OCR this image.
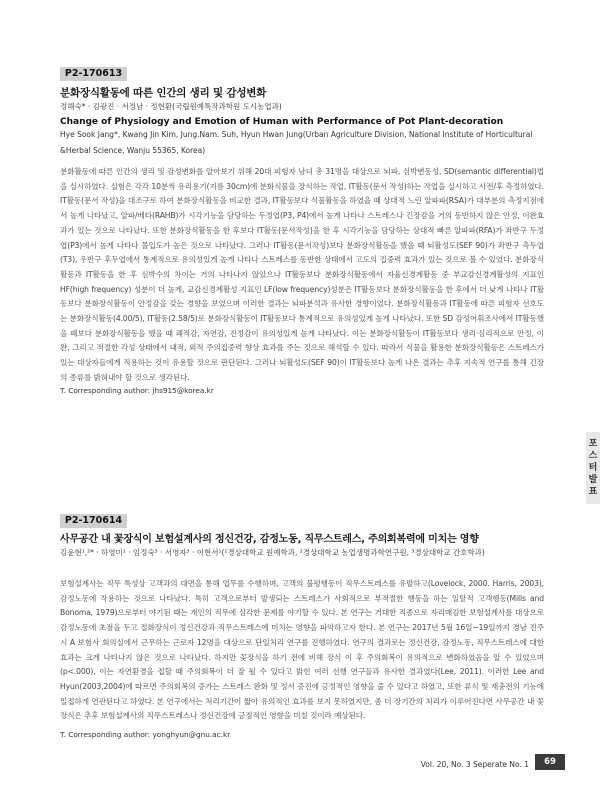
P2-170613
분화장식활동에 따른 인간의 생리 및 감성변화
정해숙* · 김광진 · 서정남 · 정현환(국립원예특작과학원 도시농업과)
Change of Physiology and Emotion of Human with Performance of Pot Plant-decoration
Hye Sook Jang*, Kwang Jin Kim, Jung.Nam. Suh, Hyun Hwan Jung(Urban Agriculture Division, National Institute of Horticultural &Herbal Science, Wanju 55365, Korea)
분화활동에 따른 인간의 생리 및 감성변화를 알아보기 위해 20대 피험자 남녀 총 31명을 대상으로 뇌파, 심박변동성, SD(semantic differential)법을 실시하였다. 실험은 각각 10분씩 유리용기(지름 30cm)에 분화식물을 장식하는 작업, IT활동(문서 작성)하는 작업을 실시하고 사전/후 측정하였다. IT활동(문서 작성)을 대조구로 하여 분화장식활동을 비교한 결과, IT활동보다 식물활동을 하였을 때 상대적 느린 알파파(RSA)가 대부분의 측정지점에서 높게 나타났고, 알파/베타(RAHB)가 시각기능을 담당하는 두정엽(P3, P4)에서 높게 나타나 스트레스나 긴장감을 거의 동반하지 않은 안정, 이완효과가 있는 것으로 나타났다. 또한 분화장식활동을 한 후보다 IT활동(문서작성)을 한 후 시각기능을 담당하는 상대적 빠른 알파파(RFA)가 좌반구 두정엽(P3)에서 높게 나타나 몰입도가 높은 것으로 나타났다. 그러나 IT활동(문서작성)보다 분화장식활동을 했을 때 뇌활성도(SEF 90)가 좌반구 측두엽(T3), 우반구 후두엽에서 통계적으로 유의성있게 높게 나타나 스트레스를 동반한 상태에서 고도의 집중력 효과가 있는 것으로 볼 수 있었다. 분화장식활동과 IT활동을 한 후 심박수의 차이는 거의 나타나지 않았으나 IT활동보다 분화장식활동에서 자율신경계활동 중 부교감신경계활성의 지표인 HF(high frequency) 성분이 더 높게, 교감신경계활성 지표인 LF(low frequency)성분은 IT활동보다 분화장식활동을 한 후에서 더 낮게 나타나 IT활동보다 분화장식활동이 안정감을 갖는 경향을 보였으며 이러한 결과는 뇌파분석과 유사한 경향이었다. 분화장식활동과 IT활동에 따른 피험자 선호도는 분화장식활동(4.00/5), IT활동(2.58/5)로 분화장식활동이 IT활동보다 통계적으로 유의성있게 높게 나타났다. 또한 SD 감성어휘조사에서 IT활동했을 때보다 분화장식활동을 했을 때 쾌적감, 자연감, 진정감이 유의성있게 높게 나타났다. 이는 분화장식활동이 IT활동보다 생리·심리적으로 안정, 이완, 그리고 적절한 각성 상태에서 내적, 외적 주의집중력 향상 효과를 주는 것으로 해석할 수 있다. 따라서 식물을 활용한 분화장식활동은 스트레스가 있는 대상자들에게 적용하는 것이 유용할 것으로 판단된다. 그러나 뇌활성도(SEF 90)이 IT활동보다 높게 나온 결과는 추후 지속적 연구를 통해 긴장의 종류를 밝혀내야 할 것으로 생각된다.
T. Corresponding author: jhs915@korea.kr
포
스
터
발
표
P2-170614
사무공간 내 꽃장식이 보험설계사의 정신건강, 감정노동, 직무스트레스, 주의회복력에 미치는 영향
김윤현¹,²* · 하영미¹ · 임정숙³ · 서영자³ · 이현서¹(¹경상대학교 원예학과, ²경상대학교 농업생명과학연구원, ³경상대학교 간호학과)
보험설계사는 직무 특성상 고객과의 대면을 통해 업무를 수행하며, 고객의 불평행동이 직무스트레스를 유발하고(Lovelock, 2000. Harris, 2003), 감정노동에 작용하는 것으로 나타났다. 특히 고객으로부터 발생되는 스트레스가 사회적으로 부적절한 행동을 하는 일탈적 고객행동(Mills and Bonoma, 1979)으로부터 야기된 때는 개인의 직무에 심각한 문제를 야기할 수 있다. 본 연구는 거대한 직종으로 자리매김한 보험설계사를 대상으로 감정노동에 초점을 두고 절화장식이 정신건강과 직무스트레스에 미치는 영향을 파악하고자 한다. 본 연구는 2017년 5월 16일~19일까지 경남 진주시 A 보험사 회의실에서 근무하는 근로자 12명을 대상으로 단일처리 연구를 진행하였다. 연구의 결과로는 정신건강, 감정노동, 직무스트레스에 대한 효과는 크게 나타나지 않은 것으로 나타났다. 하지만 꽃장식을 하기 전에 비해 장식 이 후 주의회복이 유의적으로 변화하였음을 알 수 있었으며(p<.000), 이는 자연환경을 접할 때 주의회복이 더 잘 될 수 있다고 밝힌 여러 선행 연구들과 유사한 결과였다(Lee, 2011). 이러한 Lee and Hyun(2003,2004)에 따르면 주의회복의 증가는 스트레스 완화 및 정서 증진에 긍정적인 영향을 줄 수 있다고 하였고, 또한 류식 및 재충전의 기능에 밀접하게 연관된다고 하였다. 본 연구에서는 처리기간이 짧아 유의적인 효과를 보지 못하였지만, 좀 더 장기간의 처리가 이루어진다면 사무공간 내 꽃장식은 추후 보험설계사의 직무스트레스나 정신건강에 긍정적인 영향을 미칠 것이라 예상된다.
T. Corresponding author: yonghyun@gnu.ac.kr
Vol. 20, No. 3 Seperate No. 1	69
